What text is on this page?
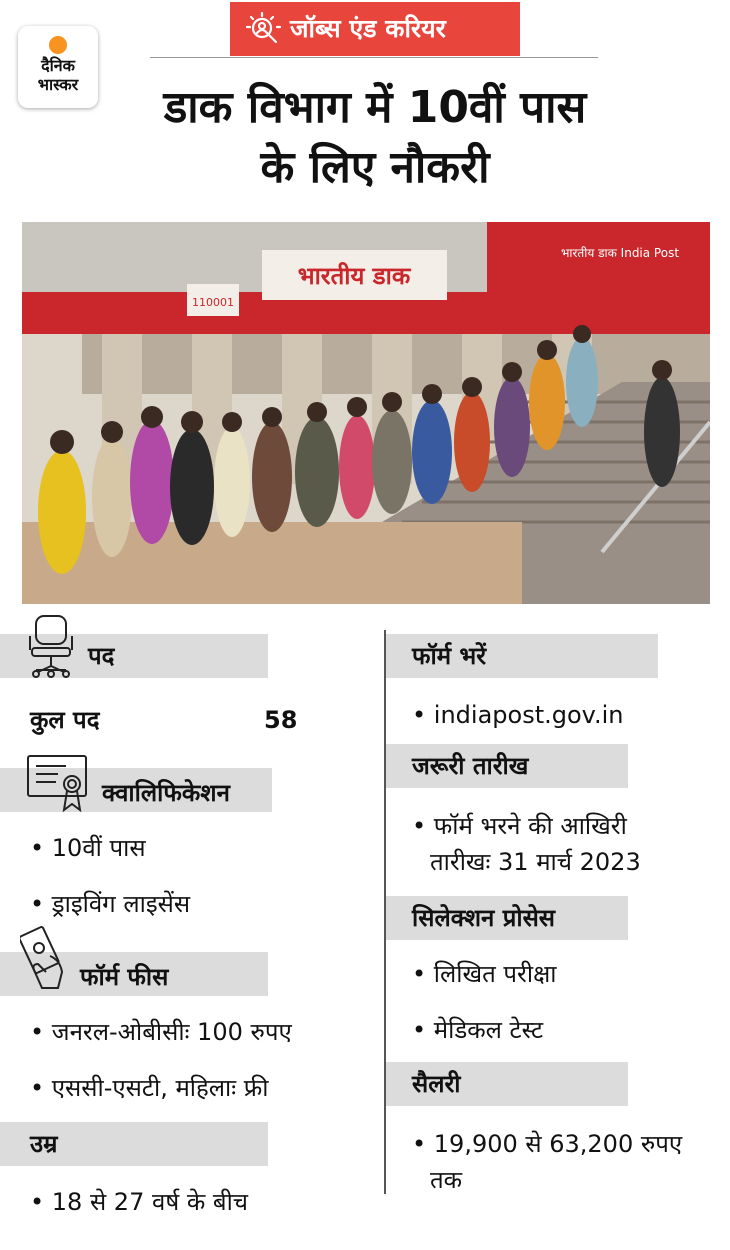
दैनिक
भास्कर
जॉब्स एंड करियर
डाक विभाग में 10वीं पास
के लिए नौकरी
भारतीय डाक
110001
भारतीय डाक India Post
पद
कुल पद	58
क्वालिफिकेशन
• 10वीं पास
• ड्राइविंग लाइसेंस
फॉर्म फीस
• जनरल-ओबीसीः 100 रुपए
• एससी-एसटी, महिलाः फ्री
उम्र
• 18 से 27 वर्ष के बीच
फॉर्म भरें
• indiapost.gov.in
जरूरी तारीख
• फॉर्म भरने की आखिरी
तारीखः 31 मार्च 2023
सिलेक्शन प्रोसेस
• लिखित परीक्षा
• मेडिकल टेस्ट
सैलरी
• 19,900 से 63,200 रुपए
तक
